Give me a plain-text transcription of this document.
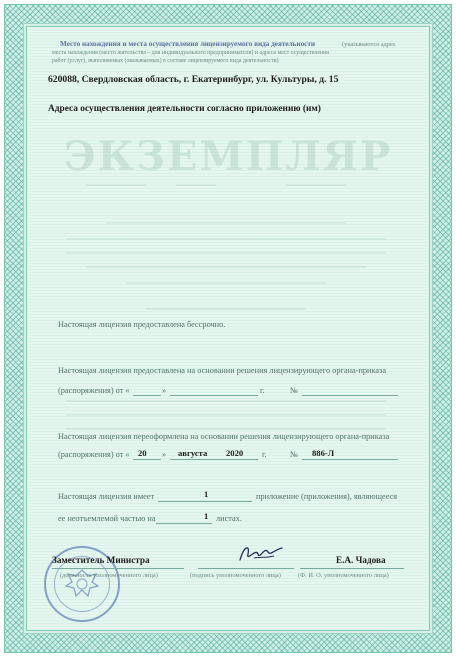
ЭКЗЕМПЛЯР
Место нахождения и места осуществления лицензируемого вида деятельности	(указываются адрес
места нахождения (место жительства – для индивидуального предпринимателя) и адреса мест осуществления
работ (услуг), выполняемых (оказываемых) в составе лицензируемого вида деятельности)
620088, Свердловская область, г. Екатеринбург, ул. Культуры, д. 15
Адреса осуществления деятельности согласно приложению (им)
Настоящая лицензия предоставлена бессрочно.
Настоящая лицензия предоставлена на основании решения лицензирующего органа-приказа
(распоряжения) от «	»	г.	№
Настоящая лицензия переоформлена на основании решения лицензирующего органа-приказа
(распоряжения) от « 20 » августа 2020 г.	№ 886-Л
Настоящая лицензия имеет	1	приложение (приложения), являющееся
ее неотъемлемой частью на	1 листах.
Заместитель Министра
(должность уполномоченного лица)	(подпись уполномоченного лица)
Е.А. Чадова
(Ф. И. О. уполномоченного лица)
